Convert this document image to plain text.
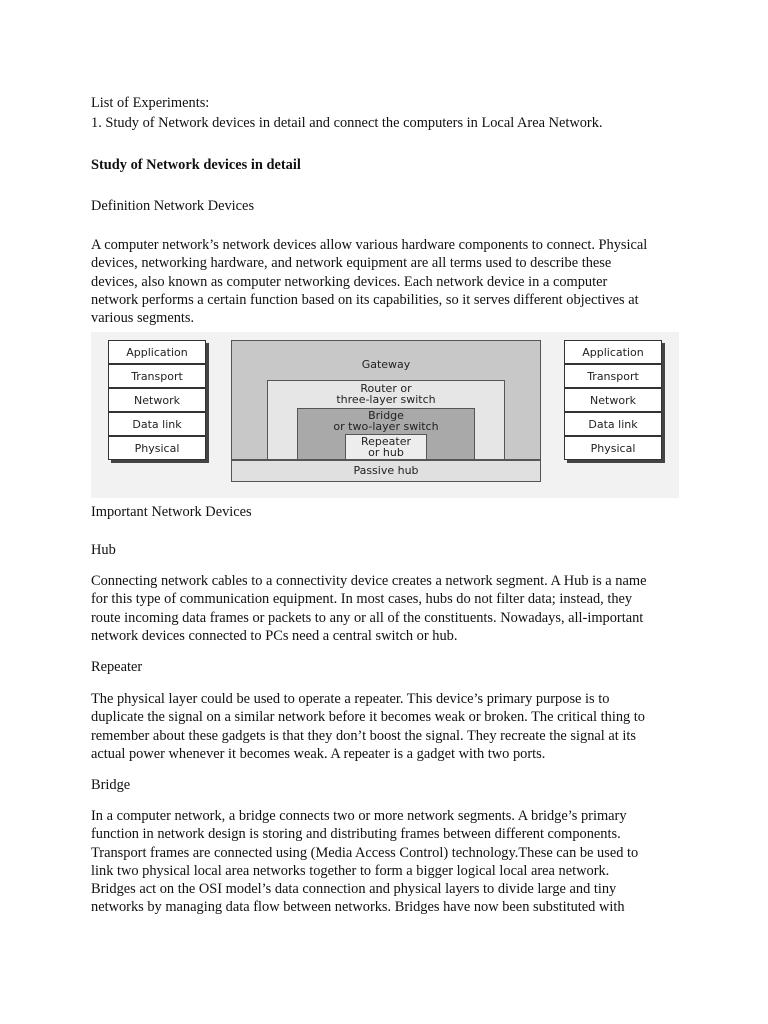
List of Experiments:

1. Study of Network devices in detail and connect the computers in Local Area Network.

Study of Network devices in detail

Definition Network Devices

A computer network’s network devices allow various hardware components to connect. Physical
devices, networking hardware, and network equipment are all terms used to describe these
devices, also known as computer networking devices. Each network device in a computer
network performs a certain function based on its capabilities, so it serves different objectives at
various segments.
Application
Transport
Network
Data link
Physical
Gateway
Router or
three-layer switch
Bridge
or two-layer switch
Repeater
or hub
Passive hub
Application
Transport
Network
Data link
Physical

Important Network Devices

Hub

Connecting network cables to a connectivity device creates a network segment. A Hub is a name
for this type of communication equipment. In most cases, hubs do not filter data; instead, they
route incoming data frames or packets to any or all of the constituents. Nowadays, all-important
network devices connected to PCs need a central switch or hub.

Repeater

The physical layer could be used to operate a repeater. This device’s primary purpose is to
duplicate the signal on a similar network before it becomes weak or broken. The critical thing to
remember about these gadgets is that they don’t boost the signal. They recreate the signal at its
actual power whenever it becomes weak. A repeater is a gadget with two ports.

Bridge

In a computer network, a bridge connects two or more network segments. A bridge’s primary
function in network design is storing and distributing frames between different components.
Transport frames are connected using (Media Access Control) technology.These can be used to
link two physical local area networks together to form a bigger logical local area network.
Bridges act on the OSI model’s data connection and physical layers to divide large and tiny
networks by managing data flow between networks. Bridges have now been substituted with
